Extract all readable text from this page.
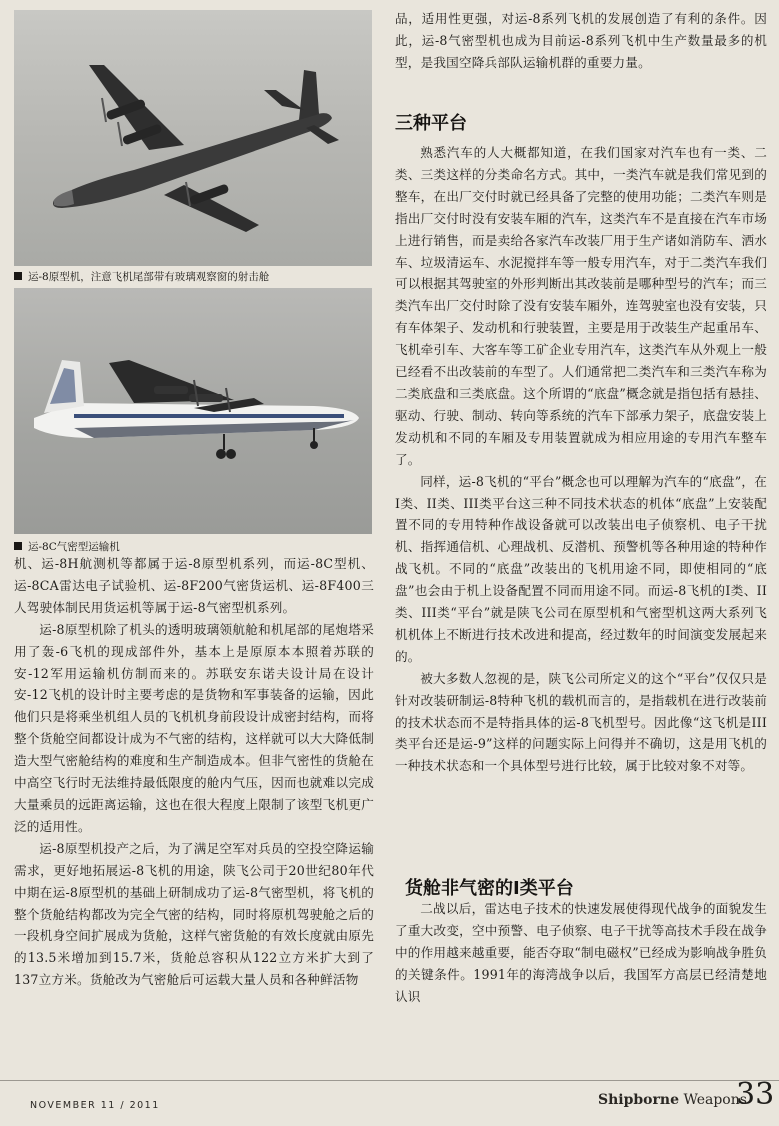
运-8原型机，注意飞机尾部带有玻璃观察窗的射击舱
运-8C气密型运输机

机、运-8H航测机等都属于运-8原型机系列，而运-8C型机、运-8CA雷达电子试验机、运-8F200气密货运机、运-8F400三人驾驶体制民用货运机等属于运-8气密型机系列。

运-8原型机除了机头的透明玻璃领航舱和机尾部的尾炮塔采用了轰-6飞机的现成部件外，基本上是原原本本照着苏联的安-12军用运输机仿制而来的。苏联安东诺夫设计局在设计安-12飞机的设计时主要考虑的是货物和军事装备的运输，因此他们只是将乘坐机组人员的飞机机身前段设计成密封结构，而将整个货舱空间都设计成为不气密的结构，这样就可以大大降低制造大型气密舱结构的难度和生产制造成本。但非气密性的货舱在中高空飞行时无法维持最低限度的舱内气压，因而也就难以完成大量乘员的远距离运输，这也在很大程度上限制了该型飞机更广泛的适用性。

运-8原型机投产之后，为了满足空军对兵员的空投空降运输需求，更好地拓展运-8飞机的用途，陕飞公司于20世纪80年代中期在运-8原型机的基础上研制成功了运-8气密型机，将飞机的整个货舱结构都改为完全气密的结构，同时将原机驾驶舱之后的一段机身空间扩展成为货舱，这样气密货舱的有效长度就由原先的13.5米增加到15.7米，货舱总容积从122立方米扩大到了137立方米。货舱改为气密舱后可运载大量人员和各种鲜活物

品，适用性更强，对运-8系列飞机的发展创造了有利的条件。因此，运-8气密型机也成为目前运-8系列飞机中生产数量最多的机型，是我国空降兵部队运输机群的重要力量。

三种平台

熟悉汽车的人大概都知道，在我们国家对汽车也有一类、二类、三类这样的分类命名方式。其中，一类汽车就是我们常见到的整车，在出厂交付时就已经具备了完整的使用功能；二类汽车则是指出厂交付时没有安装车厢的汽车，这类汽车不是直接在汽车市场上进行销售，而是卖给各家汽车改装厂用于生产诸如消防车、洒水车、垃圾清运车、水泥搅拌车等一般专用汽车，对于二类汽车我们可以根据其驾驶室的外形判断出其改装前是哪种型号的汽车；而三类汽车出厂交付时除了没有安装车厢外，连驾驶室也没有安装，只有车体架子、发动机和行驶装置，主要是用于改装生产起重吊车、飞机牵引车、大客车等工矿企业专用汽车，这类汽车从外观上一般已经看不出改装前的车型了。人们通常把二类汽车和三类汽车称为二类底盘和三类底盘。这个所谓的“底盘”概念就是指包括有悬挂、驱动、行驶、制动、转向等系统的汽车下部承力架子，底盘安装上发动机和不同的车厢及专用装置就成为相应用途的专用汽车整车了。

同样，运-8飞机的“平台”概念也可以理解为汽车的“底盘”，在I类、II类、III类平台这三种不同技术状态的机体“底盘”上安装配置不同的专用特种作战设备就可以改装出电子侦察机、电子干扰机、指挥通信机、心理战机、反潜机、预警机等各种用途的特种作战飞机。不同的“底盘”改装出的飞机用途不同，即使相同的“底盘”也会由于机上设备配置不同而用途不同。而运-8飞机的I类、II类、III类“平台”就是陕飞公司在原型机和气密型机这两大系列飞机机体上不断进行技术改进和提高，经过数年的时间演变发展起来的。

被大多数人忽视的是，陕飞公司所定义的这个“平台”仅仅只是针对改装研制运-8特种飞机的载机而言的，是指载机在进行改装前的技术状态而不是特指具体的运-8飞机型号。因此像“这飞机是III类平台还是运-9”这样的问题实际上问得并不确切，这是用飞机的一种技术状态和一个具体型号进行比较，属于比较对象不对等。

货舱非气密的I类平台

二战以后，雷达电子技术的快速发展使得现代战争的面貌发生了重大改变，空中预警、电子侦察、电子干扰等高技术手段在战争中的作用越来越重要，能否夺取“制电磁权”已经成为影响战争胜负的关键条件。1991年的海湾战争以后，我国军方高层已经清楚地认识

NOVEMBER 11 / 2011	Shipborne Weapons
33
